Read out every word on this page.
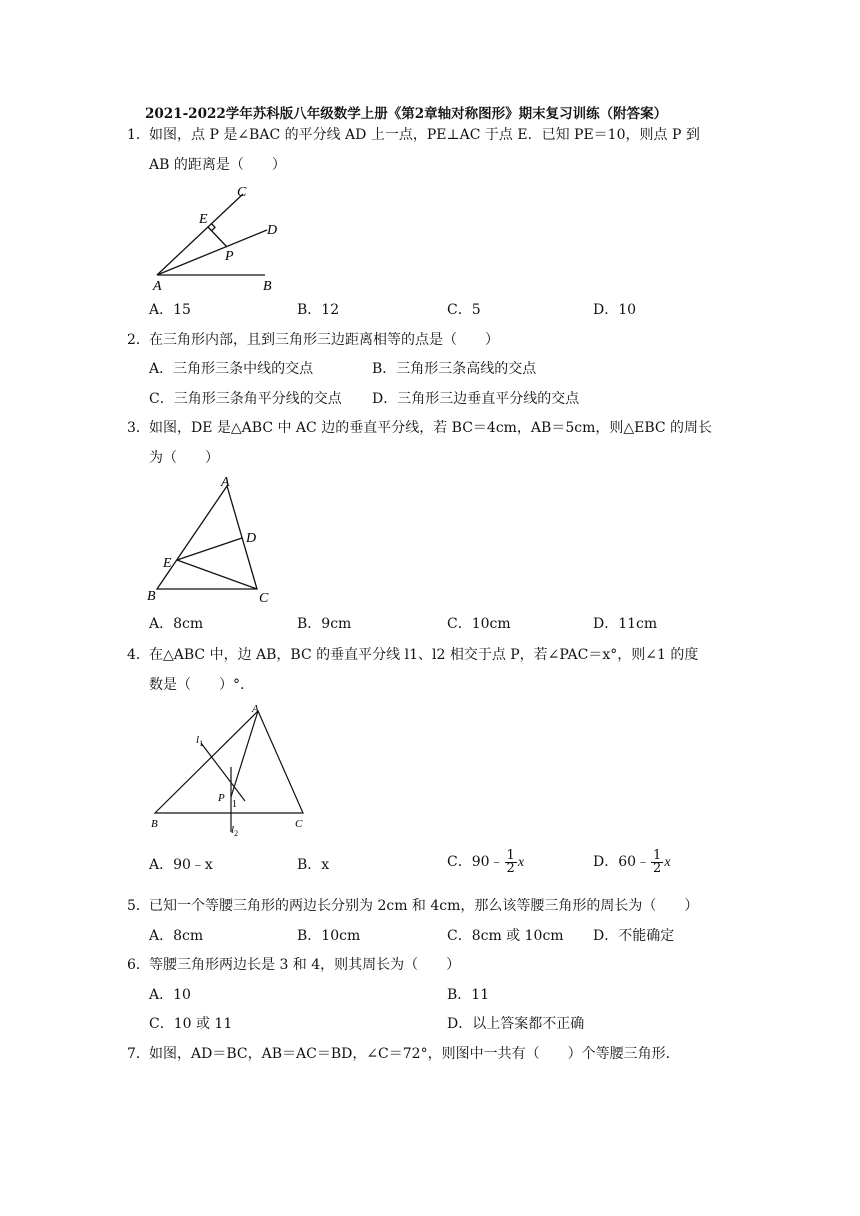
2021-2022学年苏科版八年级数学上册《第2章轴对称图形》期末复习训练（附答案）
1． 如图，点 P 是∠BAC 的平分线 AD 上一点，PE⊥AC 于点 E．已知 PE＝10，则点 P 到
AB 的距离是（　　）
A	B
C
D
E
P
A．15	B．12	C．5	D．10
2． 在三角形内部，且到三角形三边距离相等的点是（　　）
A．三角形三条中线的交点	B．三角形三条高线的交点
C．三角形三条角平分线的交点 D．三角形三边垂直平分线的交点
3． 如图，DE 是△ABC 中 AC 边的垂直平分线，若 BC＝4cm，AB＝5cm，则△EBC 的周长
为（　　）
A
B	C
D
E
A．8cm	B．9cm	C．10cm	D．11cm
4． 在△ABC 中，边 AB，BC 的垂直平分线 l1、l2 相交于点 P，若∠PAC＝x°，则∠1 的度
数是（　　）°．
A
B	C
P
1
$l_1$
$l_2$
A．90﹣x	B．x	C．90﹣ $\frac{1}{2}$ x	D．60﹣ $\frac{1}{2}$ x
5． 已知一个等腰三角形的两边长分别为 2cm 和 4cm，那么该等腰三角形的周长为（　　）
A．8cm	B．10cm	C．8cm 或 10cm D．不能确定
6． 等腰三角形两边长是 3 和 4，则其周长为（　　）
A．10	B．11
C．10 或 11	D．以上答案都不正确
7． 如图，AD＝BC，AB＝AC＝BD，∠C＝72°，则图中一共有（　　）个等腰三角形．
